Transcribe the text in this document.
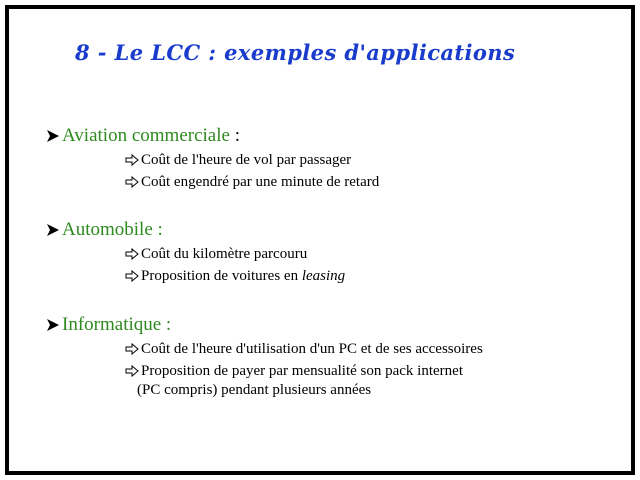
8 - Le LCC : exemples d'applications
Aviation commerciale :
Coût de l'heure de vol par passager
Coût engendré par une minute de retard
Automobile :
Coût du kilomètre parcouru
Proposition de voitures en leasing
Informatique :
Coût de l'heure d'utilisation d'un PC et de ses accessoires
Proposition de payer par mensualité son pack internet
(PC compris) pendant plusieurs années
